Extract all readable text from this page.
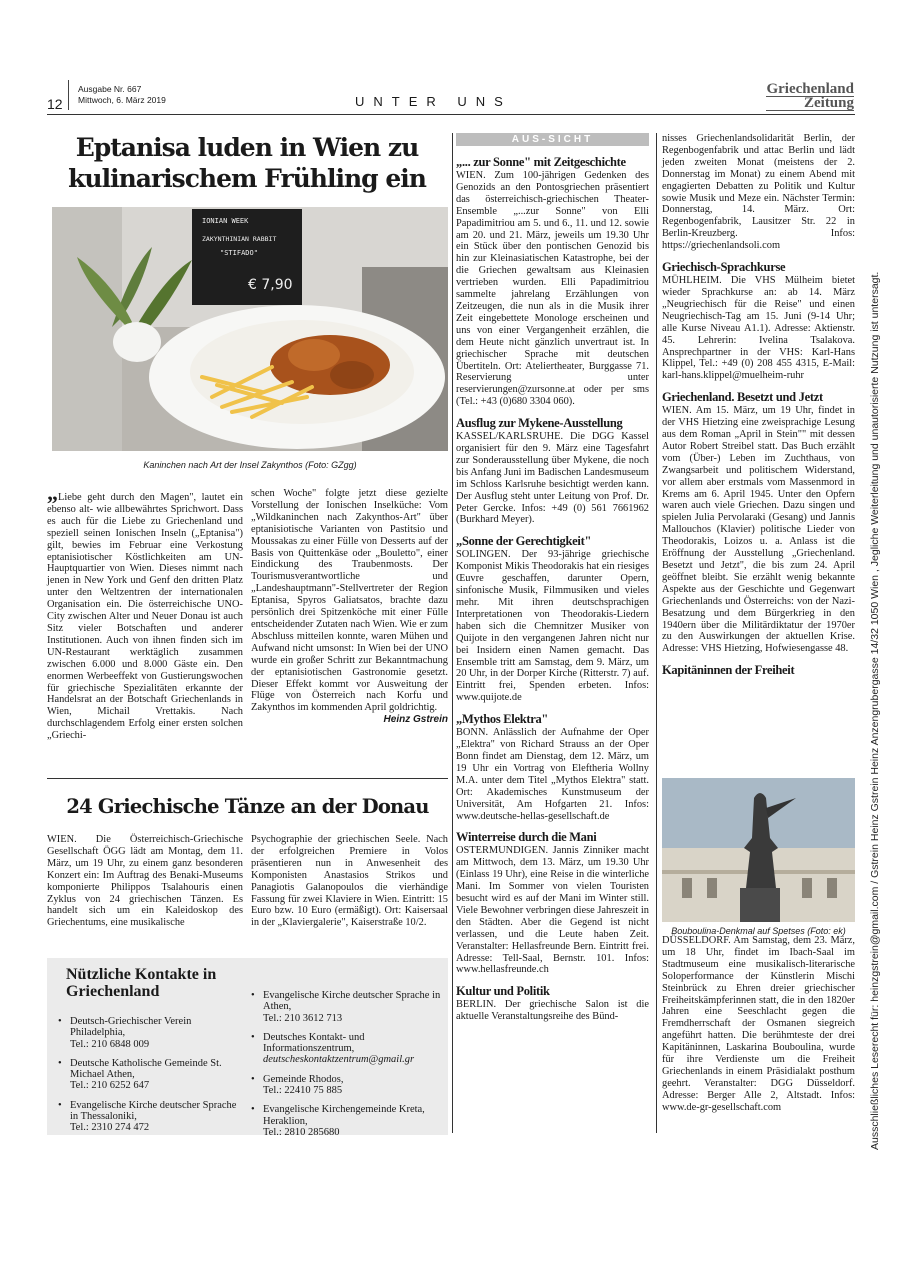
12
Ausgabe Nr. 667
Mittwoch, 6. März 2019	UNTER UNS
Griechenland
Zeitung
Ausschließliches Leserecht für: heinzgstrein@gmail.com / Gstrein Heinz Gstrein Heinz Anzengrubergasse 14/32 1050 Wien , Jegliche Weiterleitung und unautorisierte Nutzung ist untersagt.
Eptanisa luden in Wien zu kulinarischem Frühling ein
IONIAN WEEK
ZAKYNTHINIAN RABBIT
"STIFADO"
€ 7,90
Kaninchen nach Art der Insel Zakynthos (Foto: GZgg)
„Liebe geht durch den Magen", lautet ein ebenso alt- wie allbewährtes Sprichwort. Dass es auch für die Liebe zu Griechenland und speziell seinen Ionischen Inseln („Eptanisa") gilt, bewies im Februar eine Verkostung eptanisiotischer Köstlichkeiten am UN-Hauptquartier von Wien. Dieses nimmt nach jenen in New York und Genf den dritten Platz unter den Weltzentren der internationalen Organisation ein. Die österreichische UNO-City zwischen Alter und Neuer Donau ist auch Sitz vieler Botschaften und anderer Institutionen. Auch von ihnen finden sich im UN-Restaurant werktäglich zusammen zwischen 6.000 und 8.000 Gäste ein. Den enormen Werbeeffekt von Gustierungswochen für griechische Spezialitäten erkannte der Handelsrat an der Botschaft Griechenlands in Wien, Michail Vrettakis. Nach durchschlagendem Erfolg einer ersten solchen „Griechi-
schen Woche" folgte jetzt diese gezielte Vorstellung der Ionischen Inselküche: Vom „Wildkaninchen nach Zakynthos-Art" über eptanisiotische Varianten von Pastitsio und Moussakas zu einer Fülle von Desserts auf der Basis von Quittenkäse oder „Bouletto", einer Eindickung des Traubenmosts. Der Tourismusverantwortliche und „Landeshauptmann"-Stellvertreter der Region Eptanisa, Spyros Galiatsatos, brachte dazu persönlich drei Spitzenköche mit einer Fülle entscheidender Zutaten nach Wien. Wie er zum Abschluss mitteilen konnte, waren Mühen und Aufwand nicht umsonst: In Wien bei der UNO wurde ein großer Schritt zur Bekanntmachung der eptanisiotischen Gastronomie gesetzt. Dieser Effekt kommt vor Ausweitung der Flüge von Österreich nach Korfu und Zakynthos im kommenden April goldrichtig.
Heinz Gstrein
24 Griechische Tänze an der Donau
WIEN. Die Österreichisch-Griechische Gesellschaft ÖGG lädt am Montag, dem 11. März, um 19 Uhr, zu einem ganz besonderen Konzert ein: Im Auftrag des Benaki-Museums komponierte Philippos Tsalahouris einen Zyklus von 24 griechischen Tänzen. Es handelt sich um ein Kaleidoskop des Griechentums, eine musikalische
Psychographie der griechischen Seele. Nach der erfolgreichen Premiere in Volos präsentieren nun in Anwesenheit des Komponisten Anastasios Strikos und Panagiotis Galanopoulos die vierhändige Fassung für zwei Klaviere in Wien. Eintritt: 15 Euro bzw. 10 Euro (ermäßigt). Ort: Kaisersaal in der „Klaviergalerie", Kaiserstraße 10/2.
Nützliche Kontakte in Griechenland
• Deutsch-Griechischer Verein Philadelphia,
Tel.: 210 6848 009
• Deutsche Katholische Gemeinde St. Michael Athen,
Tel.: 210 6252 647
• Evangelische Kirche deutscher Sprache in Thessaloniki,
Tel.: 2310 274 472
• Evangelische Kirche deutscher Sprache in Athen,
Tel.: 210 3612 713
• Deutsches Kontakt- und Informationszentrum,
deutscheskontaktzentrum@gmail.gr
• Gemeinde Rhodos,
Tel.: 22410 75 885
• Evangelische Kirchengemeinde Kreta, Heraklion,
Tel.: 2810 285680
AUS-SICHT
„... zur Sonne" mit Zeitgeschichte
WIEN. Zum 100-jährigen Gedenken des Genozids an den Pontosgriechen präsentiert das österreichisch-griechischen Theater-Ensemble „...zur Sonne" von Elli Papadimitriou am 5. und 6., 11. und 12. sowie am 20. und 21. März, jeweils um 19.30 Uhr ein Stück über den pontischen Genozid bis hin zur Kleinasiatischen Katastrophe, bei der die Griechen gewaltsam aus Kleinasien vertrieben wurden. Elli Papadimitriou sammelte jahrelang Erzählungen von Zeitzeugen, die nun als in die Musik ihrer Zeit eingebettete Monologe erscheinen und uns von einer Vergangenheit erzählen, die dem Heute nicht gänzlich unvertraut ist. In griechischer Sprache mit deutschen Übertiteln. Ort: Ateliertheater, Burggasse 71. Reservierung unter reservierungen@zursonne.at oder per sms (Tel.: +43 (0)680 3304 060).
Ausflug zur Mykene-Ausstellung
KASSEL/KARLSRUHE. Die DGG Kassel organisiert für den 9. März eine Tagesfahrt zur Sonderausstellung über Mykene, die noch bis Anfang Juni im Badischen Landesmuseum im Schloss Karlsruhe besichtigt werden kann. Der Ausflug steht unter Leitung von Prof. Dr. Peter Gercke. Infos: +49 (0) 561 7661962 (Burkhard Meyer).
„Sonne der Gerechtigkeit"
SOLINGEN. Der 93-jährige griechische Komponist Mikis Theodorakis hat ein riesiges Œuvre geschaffen, darunter Opern, sinfonische Musik, Filmmusiken und vieles mehr. Mit ihren deutschsprachigen Interpretationen von Theodorakis-Liedern haben sich die Chemnitzer Musiker von Quijote in den vergangenen Jahren nicht nur bei Insidern einen Namen gemacht. Das Ensemble tritt am Samstag, dem 9. März, um 20 Uhr, in der Dorper Kirche (Ritterstr. 7) auf. Eintritt frei, Spenden erbeten. Infos: www.quijote.de
„Mythos Elektra"
BONN. Anlässlich der Aufnahme der Oper „Elektra" von Richard Strauss an der Oper Bonn findet am Dienstag, dem 12. März, um 19 Uhr ein Vortrag von Eleftheria Wollny M.A. unter dem Titel „Mythos Elektra" statt. Ort: Akademisches Kunstmuseum der Universität, Am Hofgarten 21. Infos: www.deutsche-hellas-gesellschaft.de
Winterreise durch die Mani
OSTERMUNDIGEN. Jannis Zinniker macht am Mittwoch, dem 13. März, um 19.30 Uhr (Einlass 19 Uhr), eine Reise in die winterliche Mani. Im Sommer von vielen Touristen besucht wird es auf der Mani im Winter still. Viele Bewohner verbringen diese Jahreszeit in den Städten. Aber die Gegend ist nicht verlassen, und die Leute haben Zeit. Veranstalter: Hellasfreunde Bern. Eintritt frei. Adresse: Tell-Saal, Bernstr. 101. Infos: www.hellasfreunde.ch
Kultur und Politik
BERLIN. Der griechische Salon ist die aktuelle Veranstaltungsreihe des Bünd-
nisses Griechenlandsolidarität Berlin, der Regenbogenfabrik und attac Berlin und lädt jeden zweiten Monat (meistens der 2. Donnerstag im Monat) zu einem Abend mit engagierten Debatten zu Politik und Kultur sowie Musik und Meze ein. Nächster Termin: Donnerstag, 14. März. Ort: Regenbogenfabrik, Lausitzer Str. 22 in Berlin-Kreuzberg. Infos: https://griechenlandsoli.com
Griechisch-Sprachkurse
MÜHLHEIM. Die VHS Mülheim bietet wieder Sprachkurse an: ab 14. März „Neugriechisch für die Reise" und einen Neugriechisch-Tag am 15. Juni (9-14 Uhr; alle Kurse Niveau A1.1). Adresse: Aktienstr. 45. Lehrerin: Ivelina Tsalakova. Ansprechpartner in der VHS: Karl-Hans Klippel, Tel.: +49 (0) 208 455 4315, E-Mail: karl-hans.klippel@muelheim-ruhr
Griechenland. Besetzt und Jetzt
WIEN. Am 15. März, um 19 Uhr, findet in der VHS Hietzing eine zweisprachige Lesung aus dem Roman „April in Stein"" mit dessen Autor Robert Streibel statt. Das Buch erzählt vom (Über-) Leben im Zuchthaus, von Zwangsarbeit und politischem Widerstand, vor allem aber erstmals vom Massenmord in Krems am 6. April 1945. Unter den Opfern waren auch viele Griechen. Dazu singen und spielen Julia Pervolaraki (Gesang) und Jannis Mallouchos (Klavier) politische Lieder von Theodorakis, Loizos u. a. Anlass ist die Eröffnung der Ausstellung „Griechenland. Besetzt und Jetzt", die bis zum 24. April geöffnet bleibt. Sie erzählt wenig bekannte Aspekte aus der Geschichte und Gegenwart Griechenlands und Österreichs: von der Nazi-Besatzung und dem Bürgerkrieg in den 1940ern über die Militärdiktatur der 1970er zu den Auswirkungen der aktuellen Krise. Adresse: VHS Hietzing, Hofwiesengasse 48.
Kapitäninnen der Freiheit
Bouboulina-Denkmal auf Spetses (Foto: ek)
DÜSSELDORF. Am Samstag, dem 23. März, um 18 Uhr, findet im Ibach-Saal im Stadtmuseum eine musikalisch-literarische Soloperformance der Künstlerin Mischi Steinbrück zu Ehren dreier griechischer Freiheitskämpferinnen statt, die in den 1820er Jahren eine Seeschlacht gegen die Fremdherrschaft der Osmanen siegreich angeführt hatten. Die berühmteste der drei Kapitäninnen, Laskarina Bouboulina, wurde für ihre Verdienste um die Freiheit Griechenlands in einem Präsidialakt posthum geehrt. Veranstalter: DGG Düsseldorf. Adresse: Berger Alle 2, Altstadt. Infos: www.de-gr-gesellschaft.com
